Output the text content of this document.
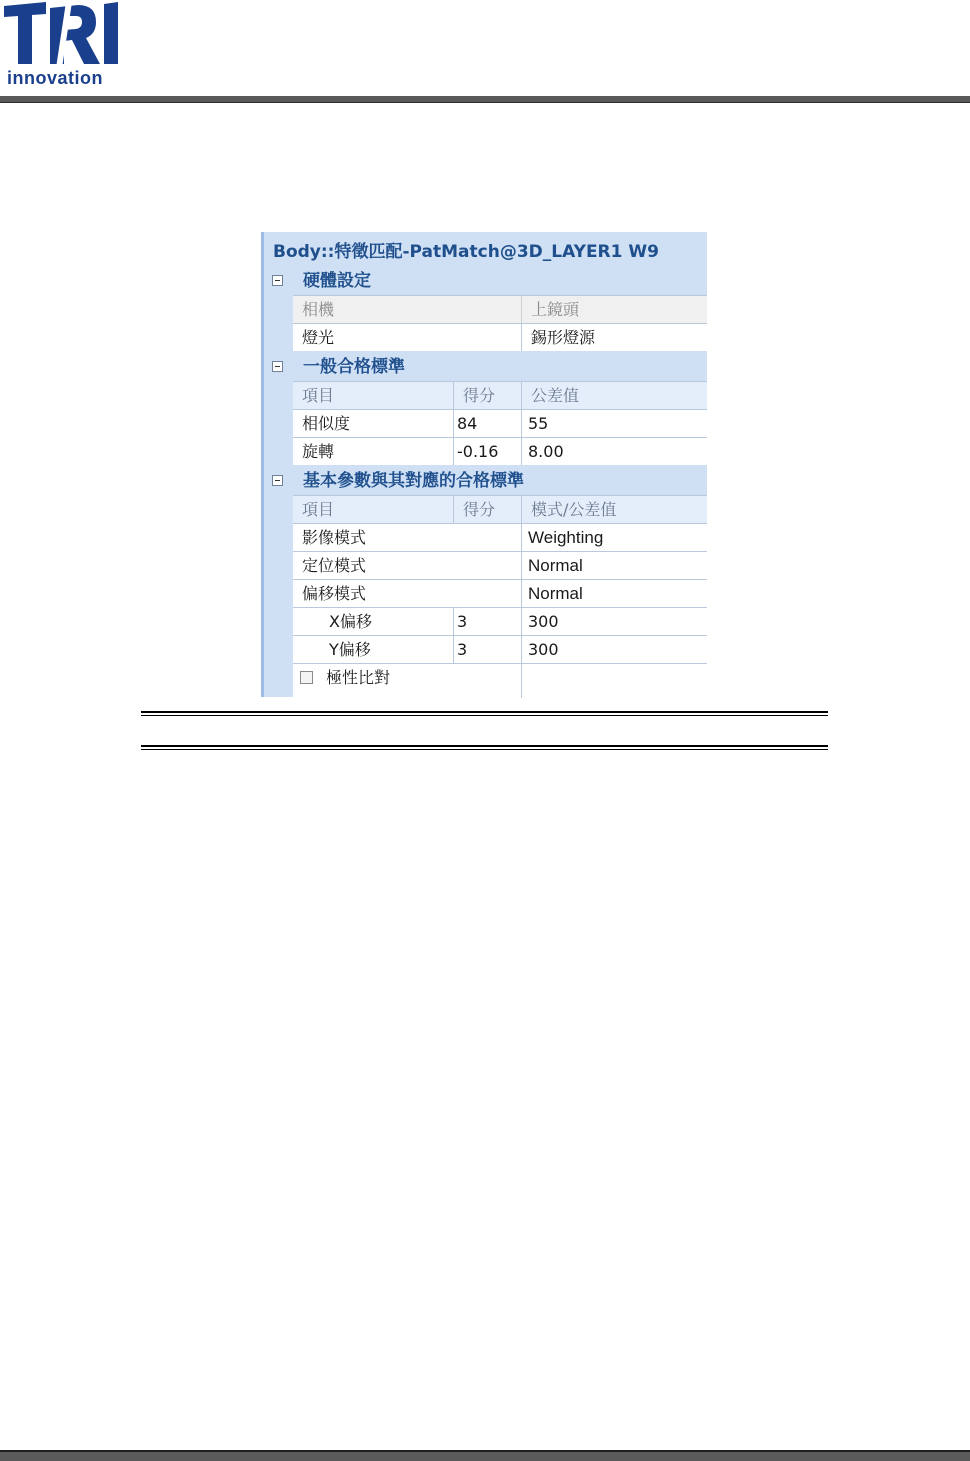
innovation
Body::特徵匹配-PatMatch@3D_LAYER1 W9
硬體設定
相機	上鏡頭
燈光	錫形燈源
一般合格標準
項目	得分	公差值
相似度	84	55
旋轉	-0.16	8.00
基本參數與其對應的合格標準
項目	得分	模式/公差值
影像模式	Weighting
定位模式	Normal
偏移模式	Normal
X偏移	3	300
Y偏移	3	300
極性比對
